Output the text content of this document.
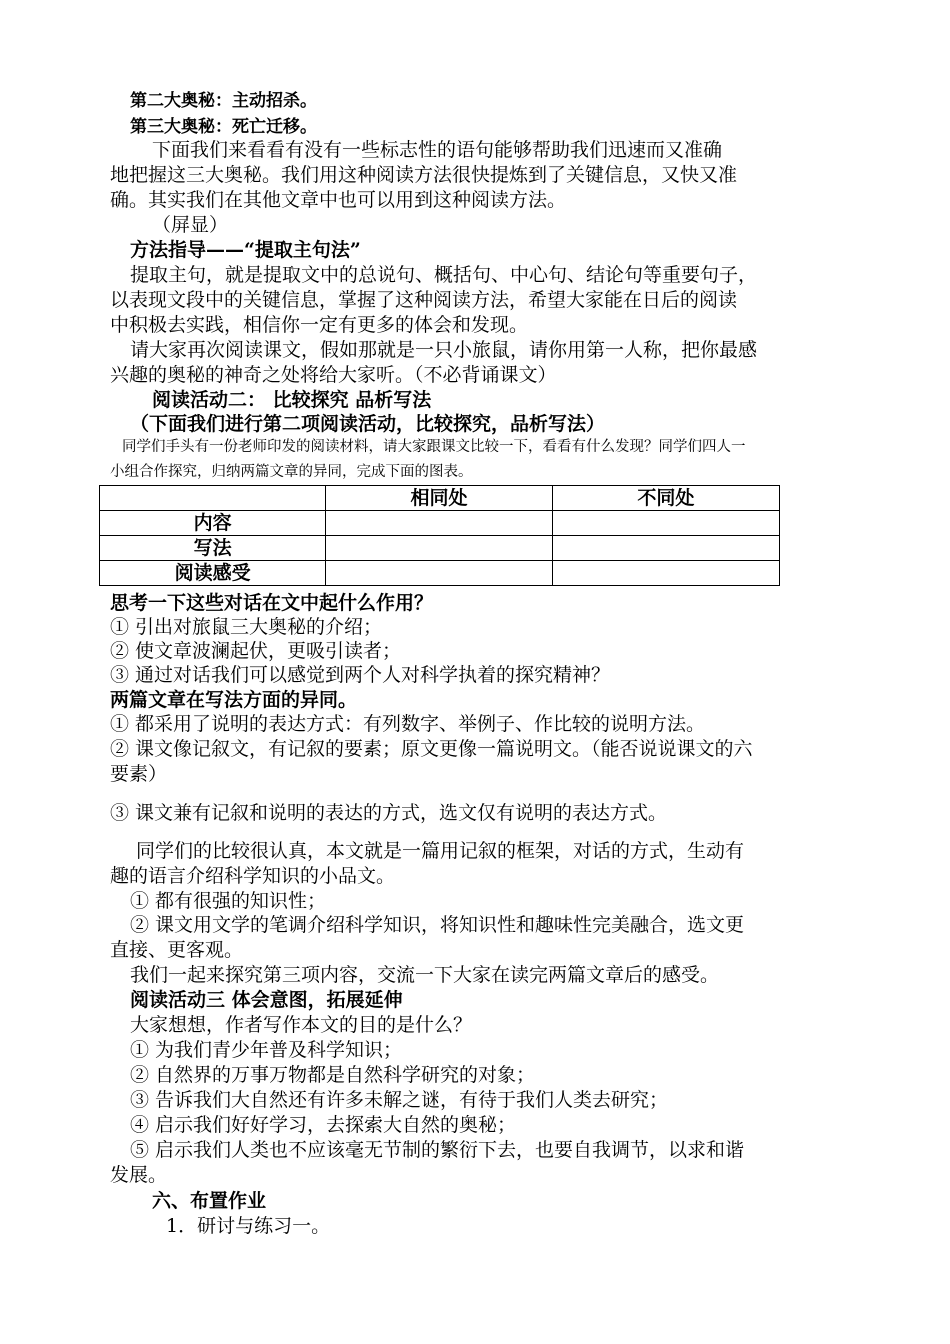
第二大奥秘：主动招杀。
第三大奥秘：死亡迁移。
下面我们来看看有没有一些标志性的语句能够帮助我们迅速而又准确
地把握这三大奥秘。我们用这种阅读方法很快提炼到了关键信息，又快又准
确。其实我们在其他文章中也可以用到这种阅读方法。
（屏显）
方法指导——“提取主句法”
提取主句，就是提取文中的总说句、概括句、中心句、结论句等重要句子，
以表现文段中的关键信息，掌握了这种阅读方法，希望大家能在日后的阅读
中积极去实践，相信你一定有更多的体会和发现。
请大家再次阅读课文，假如那就是一只小旅鼠，请你用第一人称，把你最感
兴趣的奥秘的神奇之处将给大家听。（不必背诵课文）
阅读活动二： 比较探究 品析写法
（下面我们进行第二项阅读活动，比较探究，品析写法）
同学们手头有一份老师印发的阅读材料，请大家跟课文比较一下，看看有什么发现？同学们四人一
小组合作探究，归纳两篇文章的异同，完成下面的图表。
	相同处	不同处
内容		
写法		
阅读感受		
思考一下这些对话在文中起什么作用？
① 引出对旅鼠三大奥秘的介绍；
② 使文章波澜起伏，更吸引读者；
③ 通过对话我们可以感觉到两个人对科学执着的探究精神？
两篇文章在写法方面的异同。
① 都采用了说明的表达方式：有列数字、举例子、作比较的说明方法。
② 课文像记叙文，有记叙的要素；原文更像一篇说明文。（能否说说课文的六
要素）
③ 课文兼有记叙和说明的表达的方式，选文仅有说明的表达方式。
同学们的比较很认真，本文就是一篇用记叙的框架，对话的方式，生动有
趣的语言介绍科学知识的小品文。
① 都有很强的知识性；
② 课文用文学的笔调介绍科学知识，将知识性和趣味性完美融合，选文更
直接、更客观。
我们一起来探究第三项内容，交流一下大家在读完两篇文章后的感受。
阅读活动三 体会意图，拓展延伸
大家想想，作者写作本文的目的是什么？
① 为我们青少年普及科学知识；
② 自然界的万事万物都是自然科学研究的对象；
③ 告诉我们大自然还有许多未解之谜，有待于我们人类去研究；
④ 启示我们好好学习，去探索大自然的奥秘；
⑤ 启示我们人类也不应该毫无节制的繁衍下去，也要自我调节，以求和谐
发展。
六、布置作业
1．研讨与练习一。
